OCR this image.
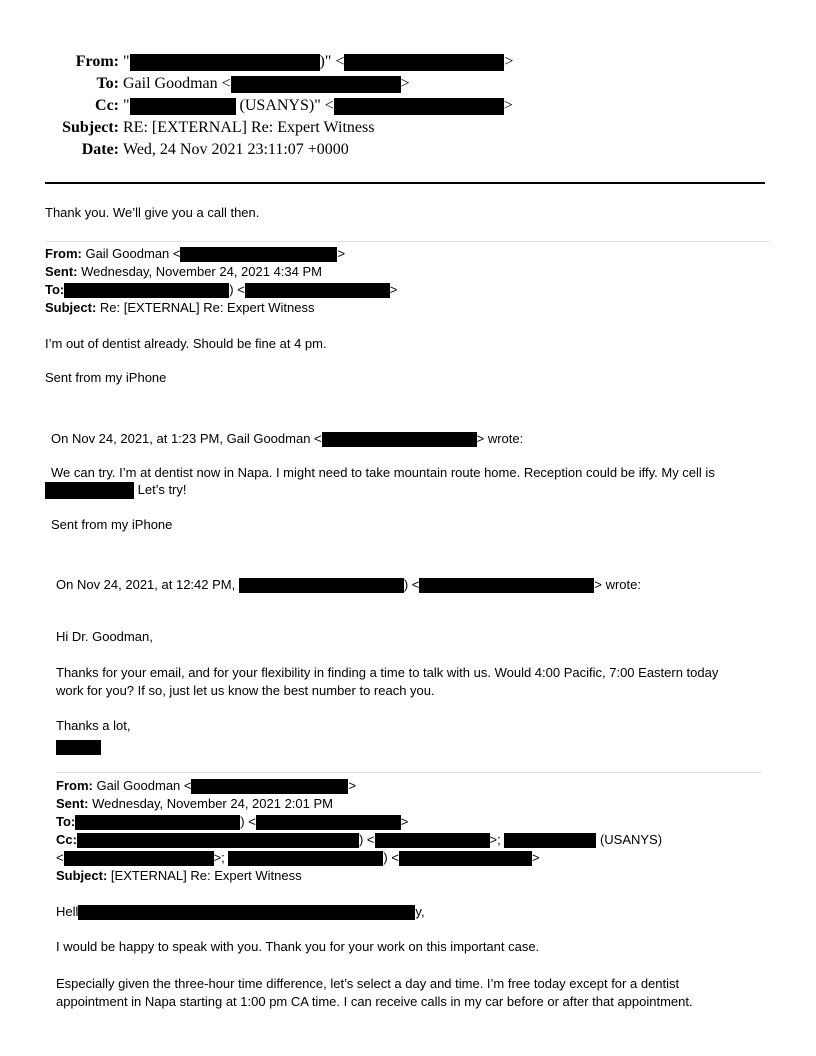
From: "	)" <	>
To: Gail Goodman <	>
Cc: "	(USANYS)" <	>
Subject: RE: [EXTERNAL] Re: Expert Witness
Date: Wed, 24 Nov 2021 23:11:07 +0000
Thank you. We’ll give you a call then.
From: Gail Goodman <	>
Sent: Wednesday, November 24, 2021 4:34 PM
To:	) <	>
Subject: Re: [EXTERNAL] Re: Expert Witness
I’m out of dentist already. Should be fine at 4 pm.
Sent from my iPhone
On Nov 24, 2021, at 1:23 PM, Gail Goodman <	> wrote:
We can try. I’m at dentist now in Napa. I might need to take mountain route home. Reception could be iffy. My cell is
Let’s try!
Sent from my iPhone
On Nov 24, 2021, at 12:42 PM,	) <	> wrote:
Hi Dr. Goodman,
Thanks for your email, and for your flexibility in finding a time to talk with us. Would 4:00 Pacific, 7:00 Eastern today
work for you? If so, just let us know the best number to reach you.
Thanks a lot,
From: Gail Goodman <	>
Sent: Wednesday, November 24, 2021 2:01 PM
To:	) <	>
Cc:	) <	>;	(USANYS)
<	>;	) <	>
Subject: [EXTERNAL] Re: Expert Witness
Hell	y,
I would be happy to speak with you. Thank you for your work on this important case.
Especially given the three-hour time difference, let’s select a day and time. I’m free today except for a dentist
appointment in Napa starting at 1:00 pm CA time. I can receive calls in my car before or after that appointment.
